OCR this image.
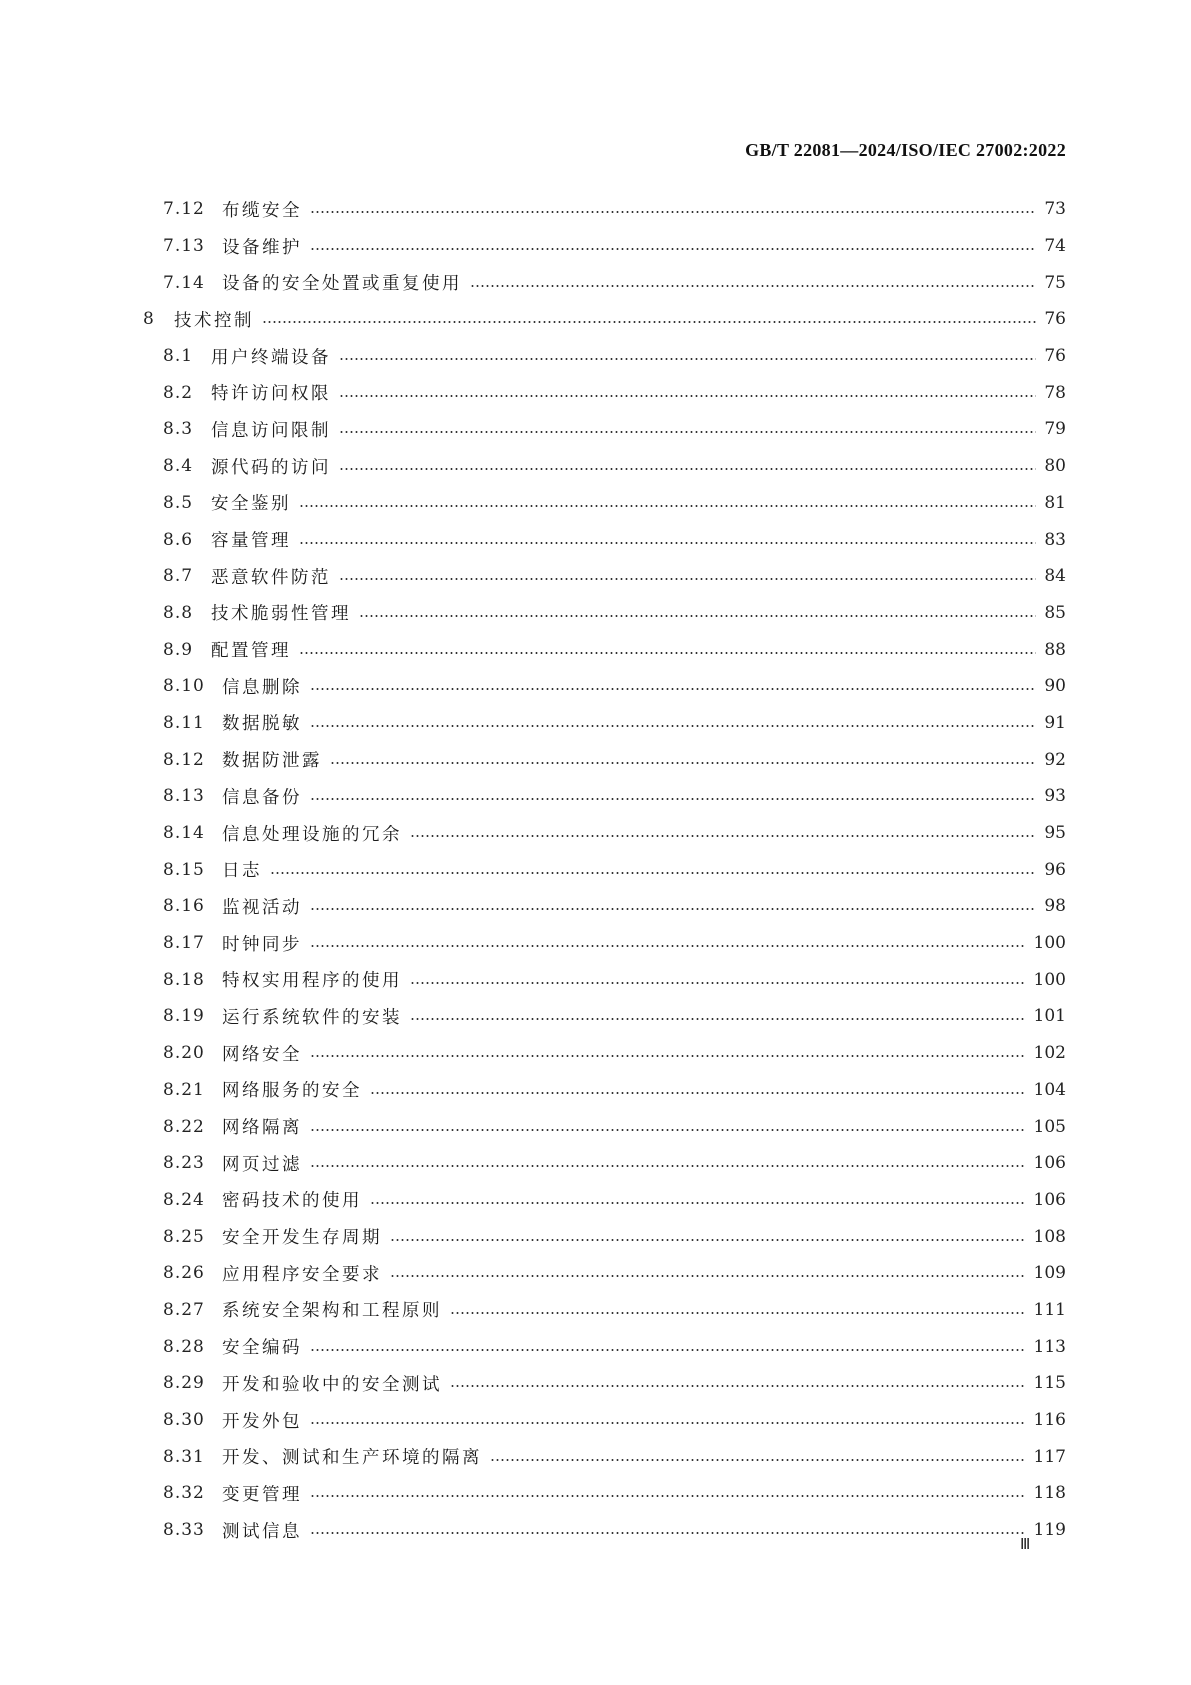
GB/T 22081—2024/ISO/IEC 27002:2022
7.12 布缆安全	73
7.13 设备维护	74
7.14 设备的安全处置或重复使用	75
8 技术控制	76
8.1 用户终端设备	76
8.2 特许访问权限	78
8.3 信息访问限制	79
8.4 源代码的访问	80
8.5 安全鉴别	81
8.6 容量管理	83
8.7 恶意软件防范	84
8.8 技术脆弱性管理	85
8.9 配置管理	88
8.10 信息删除	90
8.11 数据脱敏	91
8.12 数据防泄露	92
8.13 信息备份	93
8.14 信息处理设施的冗余	95
8.15 日志	96
8.16 监视活动	98
8.17 时钟同步	100
8.18 特权实用程序的使用	100
8.19 运行系统软件的安装	101
8.20 网络安全	102
8.21 网络服务的安全	104
8.22 网络隔离	105
8.23 网页过滤	106
8.24 密码技术的使用	106
8.25 安全开发生存周期	108
8.26 应用程序安全要求	109
8.27 系统安全架构和工程原则	111
8.28 安全编码	113
8.29 开发和验收中的安全测试	115
8.30 开发外包	116
8.31 开发、测试和生产环境的隔离	117
8.32 变更管理	118
8.33 测试信息	119
Ⅲ
